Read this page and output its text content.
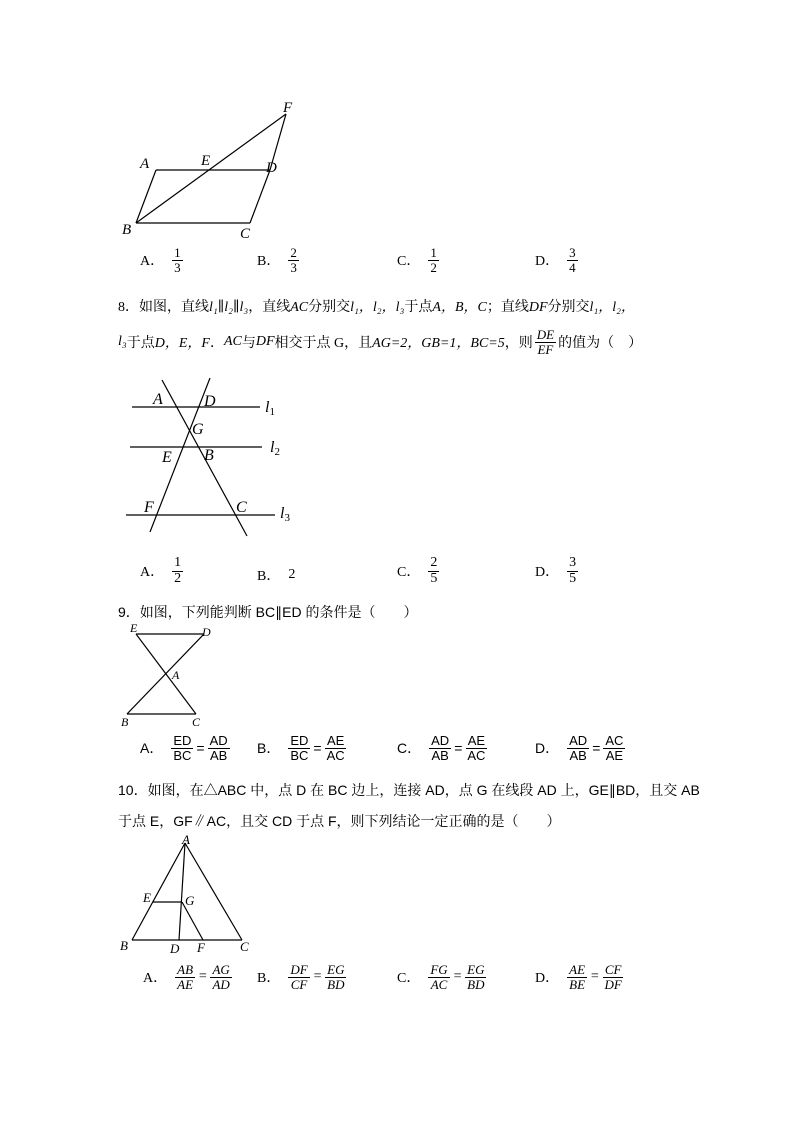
A
B	C
D
E
F
A． $\frac{1}{3}$	B． $\frac{2}{3}$	C． $\frac{1}{2}$	D． $\frac{3}{4}$
8．如图，直线l₁∥l₂∥l₃，直线AC分别交l₁，l₂，l₃于点A，B，C；直线DF分别交l₁，l₂，
l₃ 于点 D，E，F ． AC 与 DF 相交于点 G，且 AG=2，GB=1，BC=5 ，则 $\frac{DE}{EF}$ 的值为（　）
A	D
G
E B
F	C
l1
l2
l3
A． $\frac{1}{2}$	B． 2	C． $\frac{2}{5}$	D． $\frac{3}{5}$
9．如图，下列能判断 BC∥ED 的条件是（　　）
E	D
A
B	C
A． $\frac{ED}{BC} = \frac{AD}{AB}$ B． $\frac{ED}{BC} = \frac{AE}{AC}$	C． $\frac{AD}{AB} = \frac{AE}{AC}$	D． $\frac{AD}{AB} = \frac{AC}{AE}$
10．如图，在△ABC 中，点 D 在 BC 边上，连接 AD，点 G 在线段 AD 上，GE∥BD，且交 AB
于点 E，GF∥AC，且交 CD 于点 F，则下列结论一定正确的是（　　）
A
E	G
B	D F	C
A． $\frac{AB}{AE} = \frac{AG}{AD}$ B． $\frac{DF}{CF} = \frac{EG}{BD}$	C． $\frac{FG}{AC} = \frac{EG}{BD}$	D． $\frac{AE}{BE} = \frac{CF}{DF}$
